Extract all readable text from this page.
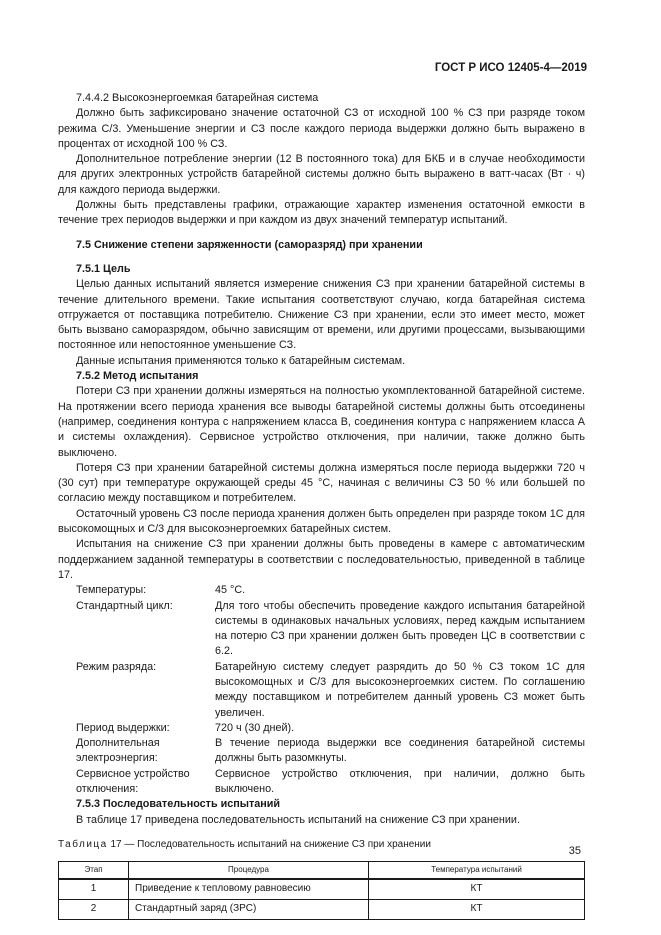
ГОСТ Р ИСО 12405-4—2019

7.4.4.2 Высокоэнергоемкая батарейная система

Должно быть зафиксировано значение остаточной СЗ от исходной 100 % СЗ при разряде током режима С/3. Уменьшение энергии и СЗ после каждого периода выдержки должно быть выражено в процентах от исходной 100 % СЗ.

Дополнительное потребление энергии (12 В постоянного тока) для БКБ и в случае необходимости для других электронных устройств батарейной системы должно быть выражено в ватт-часах (Вт · ч) для каждого периода выдержки.

Должны быть представлены графики, отражающие характер изменения остаточной емкости в течение трех периодов выдержки и при каждом из двух значений температур испытаний.

7.5 Снижение степени заряженности (саморазряд) при хранении

7.5.1 Цель

Целью данных испытаний является измерение снижения СЗ при хранении батарейной системы в течение длительного времени. Такие испытания соответствуют случаю, когда батарейная система отгружается от поставщика потребителю. Снижение СЗ при хранении, если это имеет место, может быть вызвано саморазрядом, обычно зависящим от времени, или другими процессами, вызывающими постоянное или непостоянное уменьшение СЗ.

Данные испытания применяются только к батарейным системам.

7.5.2 Метод испытания

Потери СЗ при хранении должны измеряться на полностью укомплектованной батарейной системе. На протяжении всего периода хранения все выводы батарейной системы должны быть отсоединены (например, соединения контура с напряжением класса В, соединения контура с напряжением класса А и системы охлаждения). Сервисное устройство отключения, при наличии, также должно быть выключено.

Потеря СЗ при хранении батарейной системы должна измеряться после периода выдержки 720 ч (30 сут) при температуре окружающей среды 45 °С, начиная с величины СЗ 50 % или большей по согласию между поставщиком и потребителем.

Остаточный уровень СЗ после периода хранения должен быть определен при разряде током 1С для высокомощных и С/3 для высокоэнергоемких батарейных систем.

Испытания на снижение СЗ при хранении должны быть проведены в камере с автоматическим поддержанием заданной температуры в соответствии с последовательностью, приведенной в таблице 17.

Температуры:	45 °С.
Стандартный цикл:	Для того чтобы обеспечить проведение каждого испытания батарейной системы в одинаковых начальных условиях, перед каждым испытанием на потерю СЗ при хранении должен быть проведен ЦС в соответствии с 6.2.
Режим разряда:	Батарейную систему следует разрядить до 50 % СЗ током 1С для высокомощных и С/3 для высокоэнергоемких систем. По соглашению между поставщиком и потребителем данный уровень СЗ может быть увеличен.
Период выдержки:	720 ч (30 дней).
Дополнительная электроэнергия:
В течение периода выдержки все соединения батарейной системы должны быть разомкнуты.
Сервисное устройство отключения:
Сервисное устройство отключения, при наличии, должно быть выключено.

7.5.3 Последовательность испытаний

В таблице 17 приведена последовательность испытаний на снижение СЗ при хранении.

Таблица 17 — Последовательность испытаний на снижение СЗ при хранении
Этап	Процедура	Температура испытаний
1	Приведение к тепловому равновесию	КТ
2	Стандартный заряд (ЗРС)	КТ
35
